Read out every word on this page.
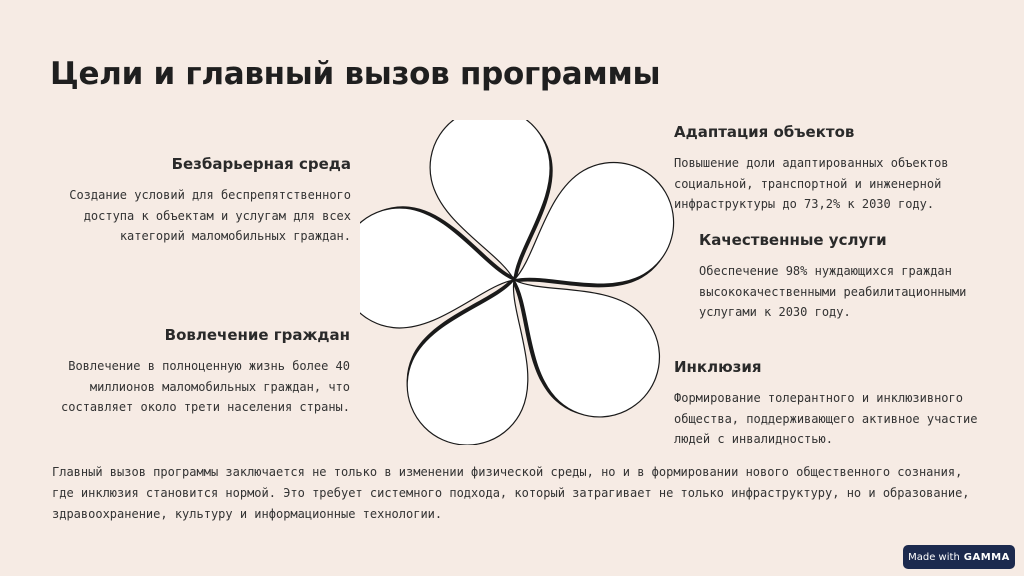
Цели и главный вызов программы
Безбарьерная среда

Создание условий для беспрепятственного доступа к объектам и услугам для всех категорий маломобильных граждан.

Вовлечение граждан

Вовлечение в полноценную жизнь более 40 миллионов маломобильных граждан, что составляет около трети населения страны.

Адаптация объектов

Повышение доли адаптированных объектов социальной, транспортной и инженерной инфраструктуры до 73,2% к 2030 году.

Качественные услуги

Обеспечение 98% нуждающихся граждан высококачественными реабилитационными услугами к 2030 году.

Инклюзия

Формирование толерантного и инклюзивного общества, поддерживающего активное участие людей с инвалидностью.

Главный вызов программы заключается не только в изменении физической среды, но и в формировании нового общественного сознания, где инклюзия становится нормой. Это требует системного подхода, который затрагивает не только инфраструктуру, но и образование, здравоохранение, культуру и информационные технологии.

Made with GAMMA
